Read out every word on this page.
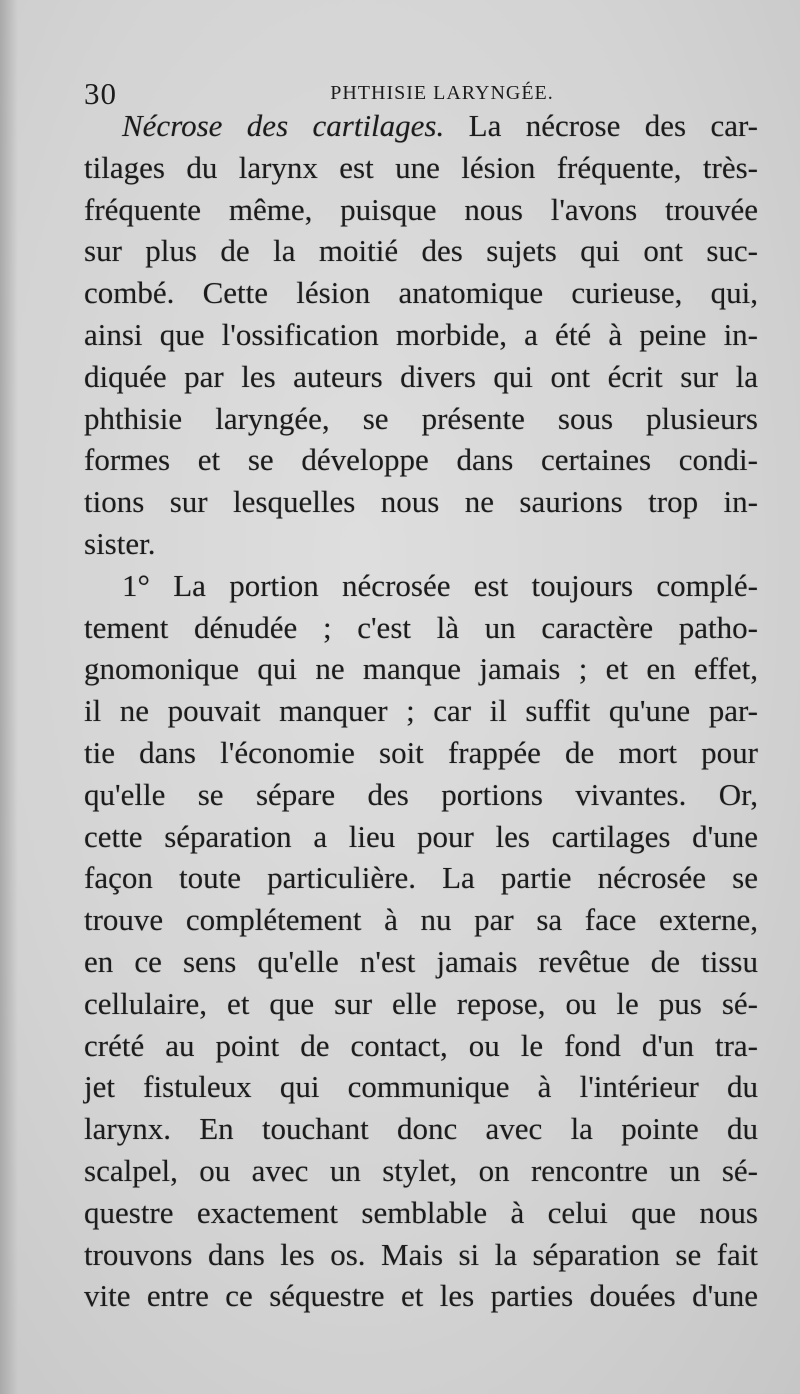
30	PHTHISIE LARYNGÉE.
Nécrose des cartilages. La nécrose des car-
tilages du larynx est une lésion fréquente, très-
fréquente même, puisque nous l'avons trouvée
sur plus de la moitié des sujets qui ont suc-
combé. Cette lésion anatomique curieuse, qui,
ainsi que l'ossification morbide, a été à peine in-
diquée par les auteurs divers qui ont écrit sur la
phthisie laryngée, se présente sous plusieurs
formes et se développe dans certaines condi-
tions sur lesquelles nous ne saurions trop in-
sister.
1° La portion nécrosée est toujours complé-
tement dénudée ; c'est là un caractère patho-
gnomonique qui ne manque jamais ; et en effet,
il ne pouvait manquer ; car il suffit qu'une par-
tie dans l'économie soit frappée de mort pour
qu'elle se sépare des portions vivantes. Or,
cette séparation a lieu pour les cartilages d'une
façon toute particulière. La partie nécrosée se
trouve complétement à nu par sa face externe,
en ce sens qu'elle n'est jamais revêtue de tissu
cellulaire, et que sur elle repose, ou le pus sé-
crété au point de contact, ou le fond d'un tra-
jet fistuleux qui communique à l'intérieur du
larynx. En touchant donc avec la pointe du
scalpel, ou avec un stylet, on rencontre un sé-
questre exactement semblable à celui que nous
trouvons dans les os. Mais si la séparation se fait
vite entre ce séquestre et les parties douées d'une
